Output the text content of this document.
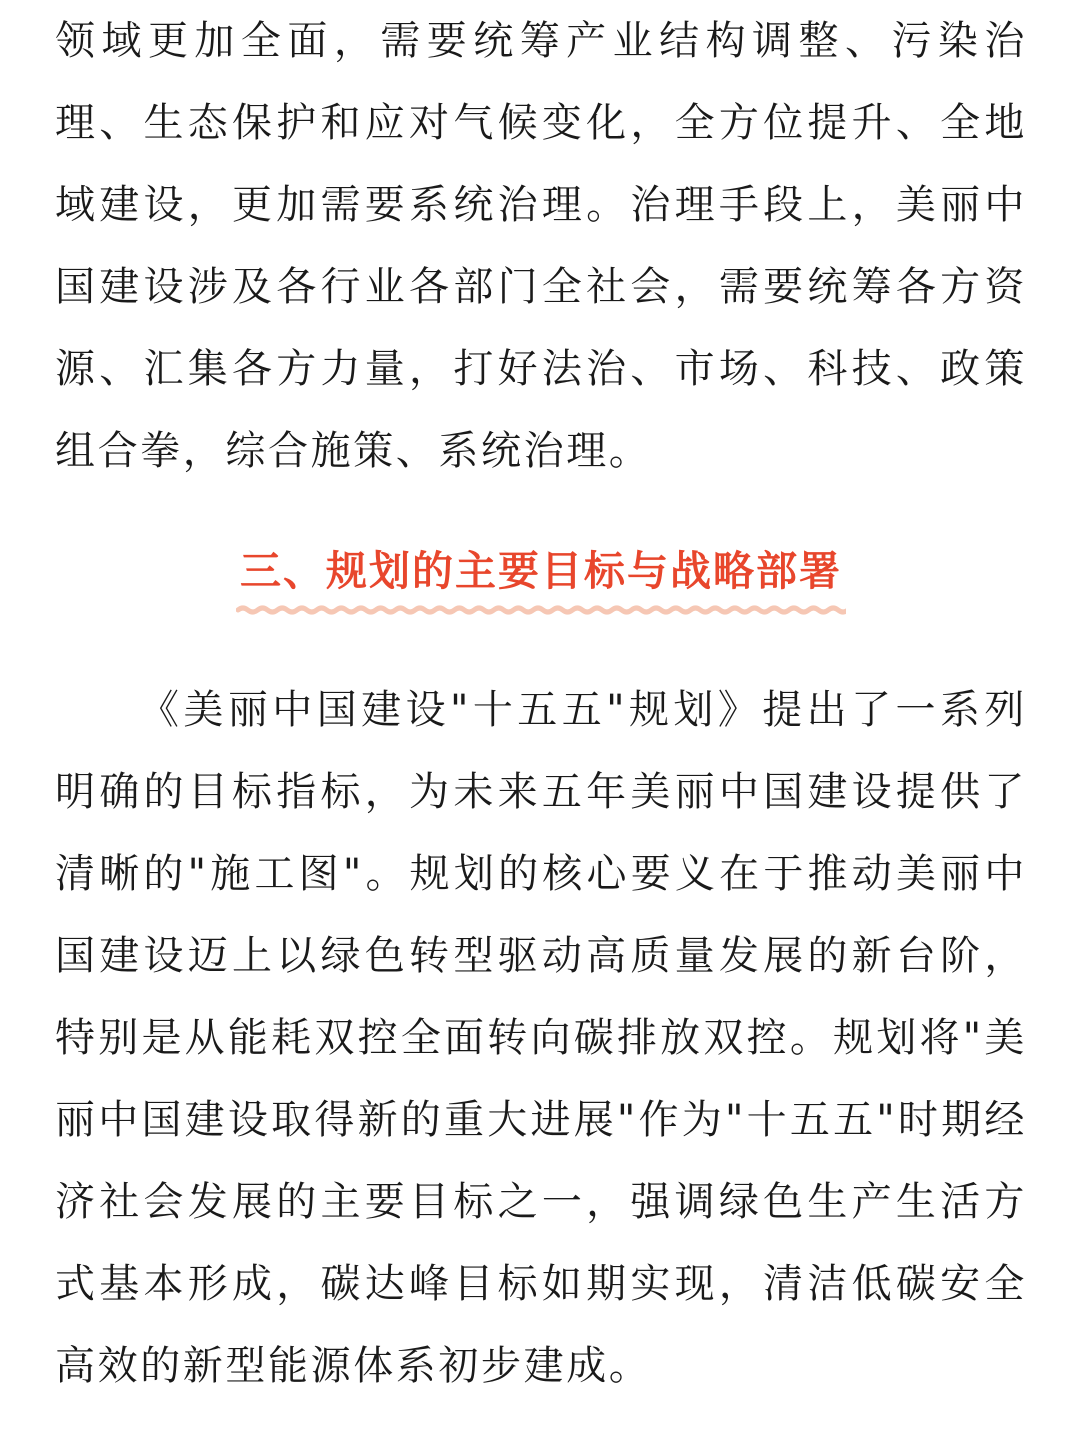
领域更加全面，需要统筹产业结构调整、污染治理、生态保护和应对气候变化，全方位提升、全地域建设，更加需要系统治理。治理手段上，美丽中国建设涉及各行业各部门全社会，需要统筹各方资源、汇集各方力量，打好法治、市场、科技、政策组合拳，综合施策、系统治理。

三、规划的主要目标与战略部署

《美丽中国建设"十五五"规划》提出了一系列明确的目标指标，为未来五年美丽中国建设提供了清晰的"施工图"。规划的核心要义在于推动美丽中国建设迈上以绿色转型驱动高质量发展的新台阶，特别是从能耗双控全面转向碳排放双控。规划将"美丽中国建设取得新的重大进展"作为"十五五"时期经济社会发展的主要目标之一，强调绿色生产生活方式基本形成，碳达峰目标如期实现，清洁低碳安全高效的新型能源体系初步建成。
